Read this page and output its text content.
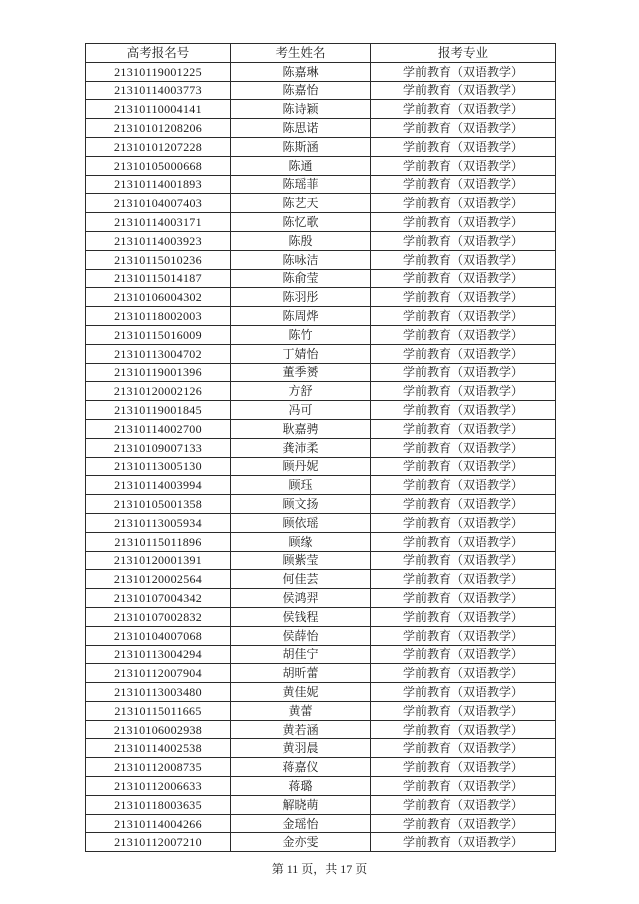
高考报名号	考生姓名	报考专业
21310119001225	陈嘉琳	学前教育（双语教学）
21310114003773	陈嘉怡	学前教育（双语教学）
21310110004141	陈诗颖	学前教育（双语教学）
21310101208206	陈思诺	学前教育（双语教学）
21310101207228	陈斯涵	学前教育（双语教学）
21310105000668	陈通	学前教育（双语教学）
21310114001893	陈瑶菲	学前教育（双语教学）
21310104007403	陈艺天	学前教育（双语教学）
21310114003171	陈忆歌	学前教育（双语教学）
21310114003923	陈殷	学前教育（双语教学）
21310115010236	陈咏洁	学前教育（双语教学）
21310115014187	陈俞莹	学前教育（双语教学）
21310106004302	陈羽彤	学前教育（双语教学）
21310118002003	陈周烨	学前教育（双语教学）
21310115016009	陈竹	学前教育（双语教学）
21310113004702	丁婧怡	学前教育（双语教学）
21310119001396	董季赟	学前教育（双语教学）
21310120002126	方舒	学前教育（双语教学）
21310119001845	冯可	学前教育（双语教学）
21310114002700	耿嘉骋	学前教育（双语教学）
21310109007133	龚沛柔	学前教育（双语教学）
21310113005130	顾丹妮	学前教育（双语教学）
21310114003994	顾珏	学前教育（双语教学）
21310105001358	顾文扬	学前教育（双语教学）
21310113005934	顾依瑶	学前教育（双语教学）
21310115011896	顾缘	学前教育（双语教学）
21310120001391	顾紫莹	学前教育（双语教学）
21310120002564	何佳芸	学前教育（双语教学）
21310107004342	侯鸿羿	学前教育（双语教学）
21310107002832	侯钱程	学前教育（双语教学）
21310104007068	侯薛怡	学前教育（双语教学）
21310113004294	胡佳宁	学前教育（双语教学）
21310112007904	胡昕蕾	学前教育（双语教学）
21310113003480	黄佳妮	学前教育（双语教学）
21310115011665	黄蕾	学前教育（双语教学）
21310106002938	黄若涵	学前教育（双语教学）
21310114002538	黄羽晨	学前教育（双语教学）
21310112008735	蒋嘉仪	学前教育（双语教学）
21310112006633	蒋璐	学前教育（双语教学）
21310118003635	解晓萌	学前教育（双语教学）
21310114004266	金瑶怡	学前教育（双语教学）
21310112007210	金亦雯	学前教育（双语教学）
第 11 页，共 17 页
